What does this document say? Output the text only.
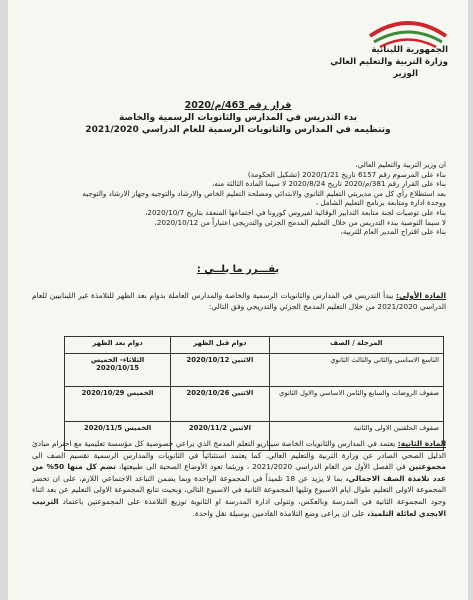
الجمهورية اللبنانية
وزارة التربية والتعليم العالي
الوزير
قرار رقم 463/م/2020
بدء التدريس في المدارس والثانويات الرسمية والخاصة
وتنظيمه في المدارس والثانويات الرسمية للعام الدراسي 2021/2020
ان وزير التربية والتعليم العالي،
بناء على المرسوم رقم 6157 تاريخ 2020/1/21 (تشكيل الحكومة)
بناء على القرار رقم 381/م/2020 تاريخ 2020/8/24 لا سيما المادة الثالثة منه،
بعد استطلاع رأي كل من مديريتي التعليم الثانوي والابتدائي ومصلحة التعليم الخاص والارشاد والتوجيه وجهاز الارشاد والتوجيه
ووحدة ادارة ومتابعة برنامج التعليم الشامل ،
بناء على توصيات لجنة متابعة التدابير الوقائية لفيروس كورونا في اجتماعها المنعقد بتاريخ 2020/10/7،
لا سيما التوصية ببدء التدريس من خلال التعليم المدمج الجزئي والتدريجي اعتباراً من 2020/10/12،
بناء على اقتراح المدير العام للتربية،
يقـــرر ما يلــي :
المادة الأولى: يبدأ التدريس في المدارس والثانويات الرسمية والخاصة والمدارس العاملة بدوام بعد الظهر للتلامذة غير اللبنانيين للعام الدراسي 2021/2020 من خلال التعليم المدمج الجزئي والتدريجي وفق التالي:
المرحلة / الصف	دوام قبل الظهر	دوام بعد الظهر
التاسع الاساسي والثاني والثالث الثانوي	الاثنين 2020/10/12	الثلاثاء- الخميس 2020/10/15
صفوف الروضات والسابع والثامن الاساسي والاول الثانوي	الاثنين 2020/10/26	الخميس 2020/10/29
صفوف الحلقتين الاولى والثانية	الاثنين 2020/11/2	الخميس 2020/11/5
المادة الثانية: يعتمد في المدارس والثانويات الخاصة سيناريو التعلم المدمج الذي يراعي خصوصية كل مؤسسة تعليمية مع احترام مبادئ الدليل الصحي الصادر عن وزارة التربية والتعليم العالي. كما يعتمد استثنائياً في الثانويات والمدارس الرسمية تقسيم الصف الى مجموعتين في الفصل الأول من العام الدراسي 2021/2020 ، وريثما تعود الأوضاع الصحية الى طبيعتها، تضم كل منها 50% من عدد تلامذة الصف الاجمالي، بما لا يزيد عن 18 تلميذاً في المجموعة الواحدة وبما يضمن التباعد الاجتماعي اللازم، على ان تحضر المجموعة الاولى التعليم طوال ايام الاسبوع وتليها المجموعة الثانية في الاسبوع التالي، وبحيث تتابع المجموعة الاولى التعليم عن بعد اثناء وجود المجموعة الثانية في المدرسة وبالعكس، وتتولى ادارة المدرسة او الثانوية توزيع التلامذة على المجموعتين باعتماد الترتيب الابجدي لعائلة التلميذ، على ان يراعى وضع التلامذة القادمين بوسيلة نقل واحدة.
